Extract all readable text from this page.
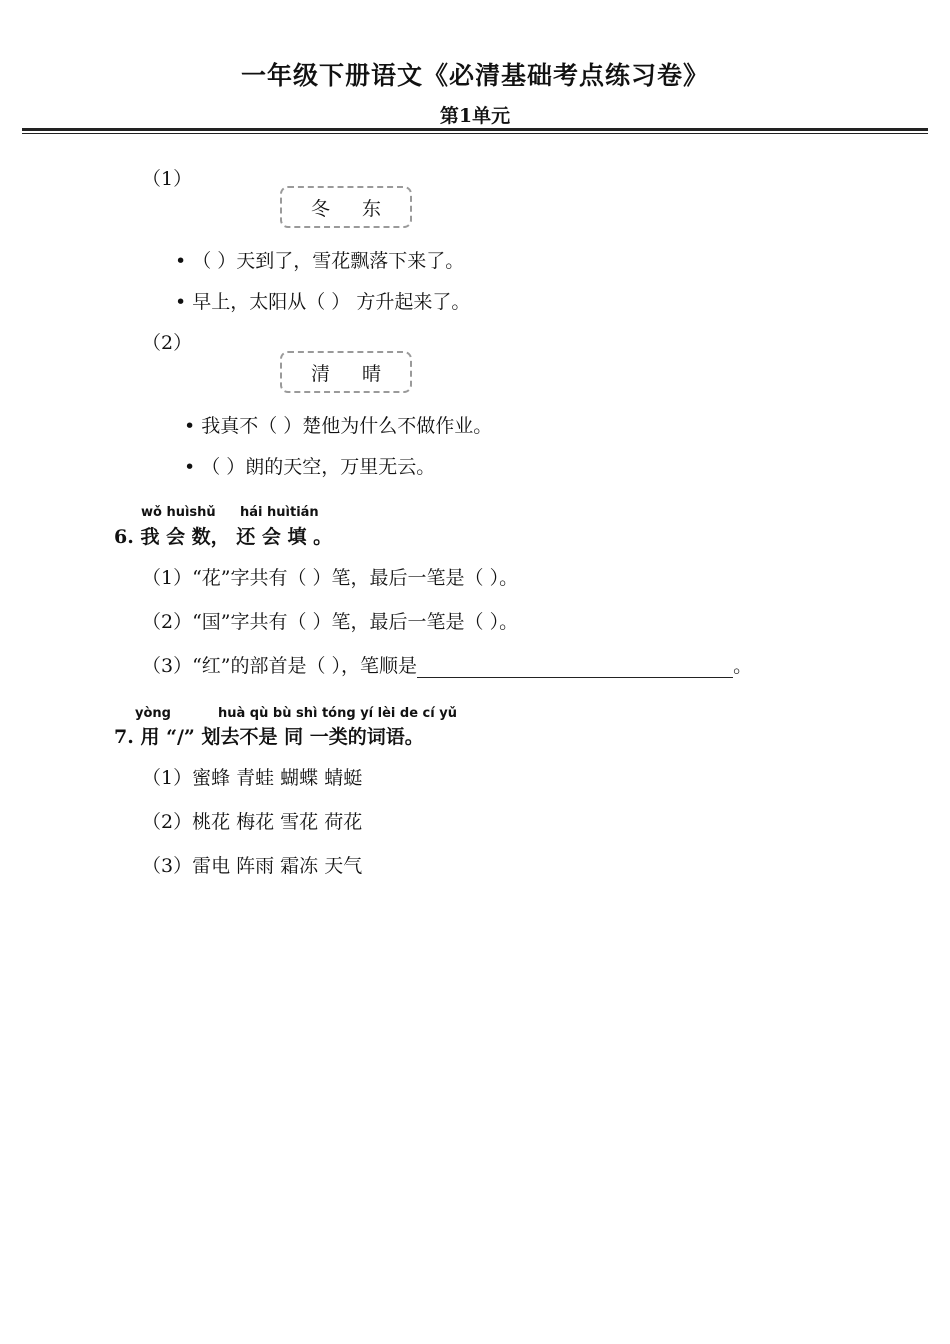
一年级下册语文《必清基础考点练习卷》
第1单元
（1）
冬 东
• （ ）天到了，雪花飘落下来了。
• 早上，太阳从（ ） 方升起来了。
（2）
清 晴
• 我真不（ ）楚他为什么不做作业。
• （ ）朗的天空，万里无云。
wǒ huìshǔ hái huìtián
6. 我 会 数， 还 会 填 。
（1）“花”字共有（ ）笔，最后一笔是（ ）。
（2）“国”字共有（ ）笔，最后一笔是（ ）。
（3）“红”的部首是（ ），笔顺是	。
yòng	huà qù bù shì tóng yí lèi de cí yǔ
7. 用 “/” 划去不是 同 一类的词语。
（1）蜜蜂 青蛙 蝴蝶 蜻蜓
（2）桃花 梅花 雪花 荷花
（3）雷电 阵雨 霜冻 天气
